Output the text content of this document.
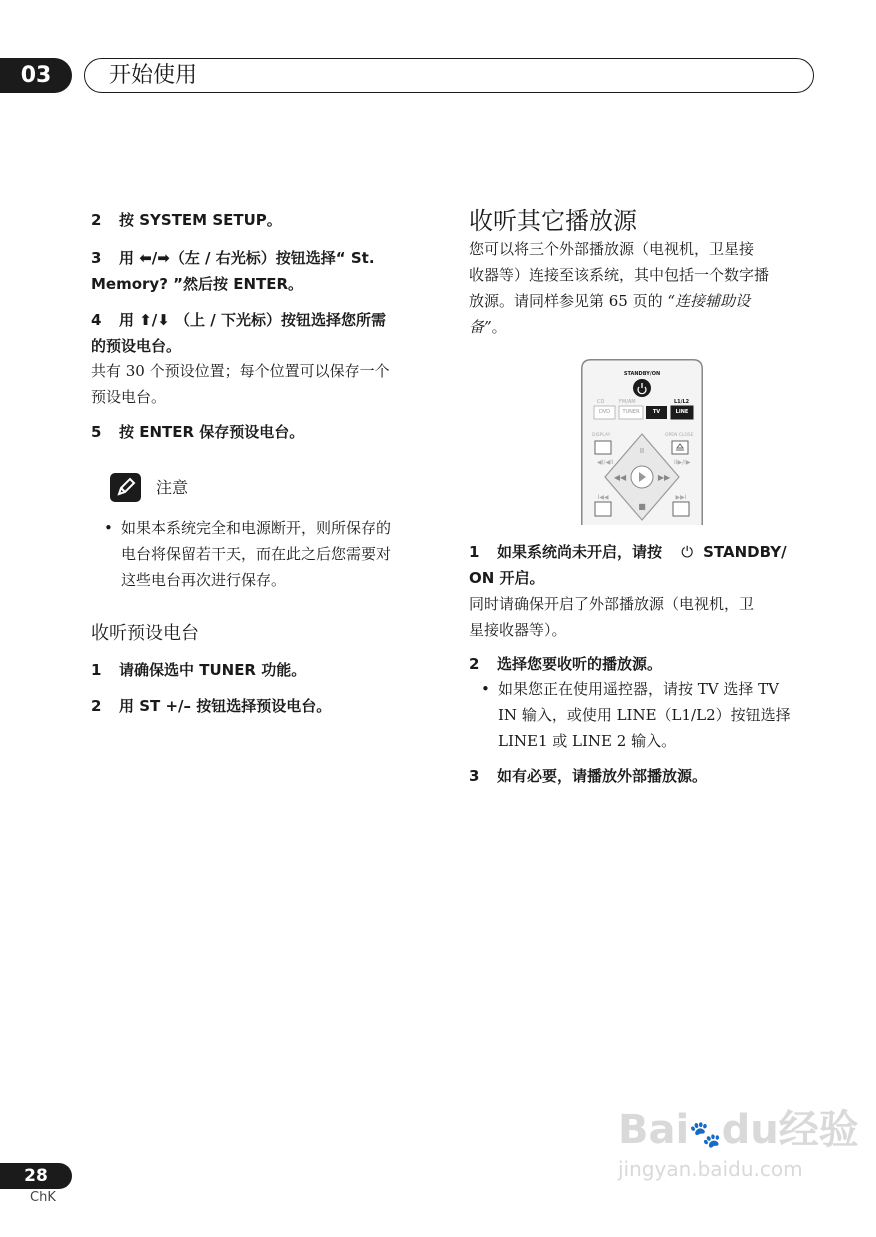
03	开始使用
2 按 SYSTEM SETUP。
3 用 ⬅/➡（左 / 右光标）按钮选择“ St.
Memory? ”然后按 ENTER。
4 用 ⬆/⬇ （上 / 下光标）按钮选择您所需
的预设电台。
共有 30 个预设位置；每个位置可以保存一个
预设电台。
5 按 ENTER 保存预设电台。
注意
• 如果本系统完全和电源断开，则所保存的
电台将保留若干天，而在此之后您需要对
这些电台再次进行保存。
收听预设电台
1 请确保选中 TUNER 功能。
2 用 ST +/– 按钮选择预设电台。
收听其它播放源
您可以将三个外部播放源（电视机，卫星接
收器等）连接至该系统，其中包括一个数字播
放源。请同样参见第 65 页的 “连接辅助设
备”。
II
■
◀◀	▶▶
◀I/◀II	II▶/I▶
I◀◀	▶▶I
STANDBY/ON
CD	FM/AM	L1/L2
DVD	TUNER	TV	LINE
DISPLAY	OPEN CLOSE
1 如果系统尚未开启，请按 ⏻ STANDBY/
ON 开启。
同时请确保开启了外部播放源（电视机，卫
星接收器等）。
2 选择您要收听的播放源。
• 如果您正在使用遥控器，请按 TV 选择 TV
IN 输入，或使用 LINE（L1/L2）按钮选择
LINE1 或 LINE 2 输入。
3 如有必要，请播放外部播放源。
28
ChK
Bai🐾du经验
jingyan.baidu.com
